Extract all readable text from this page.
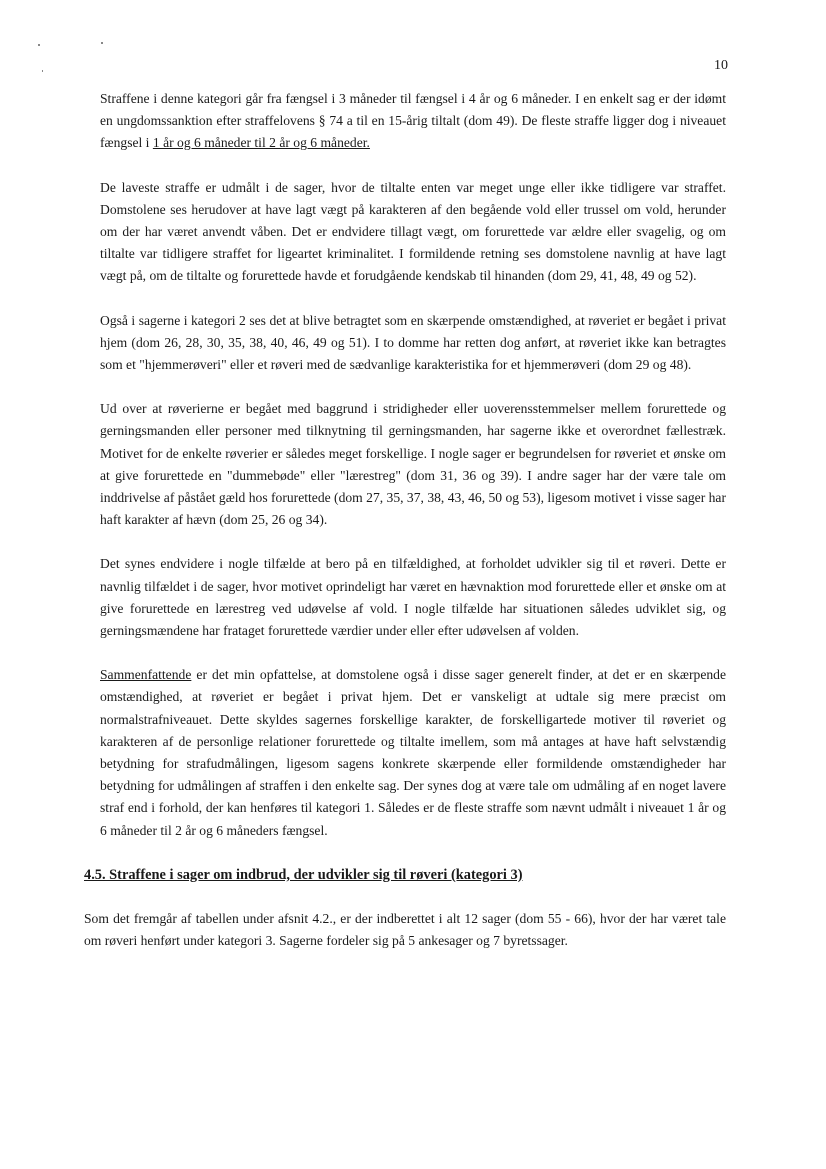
10

Straffene i denne kategori går fra fængsel i 3 måneder til fængsel i 4 år og 6 måneder. I en enkelt sag er der idømt en ungdomssanktion efter straffelovens § 74 a til en 15-årig tiltalt (dom 49). De fleste straffe ligger dog i niveauet fængsel i 1 år og 6 måneder til 2 år og 6 måneder.

De laveste straffe er udmålt i de sager, hvor de tiltalte enten var meget unge eller ikke tidligere var straffet. Domstolene ses herudover at have lagt vægt på karakteren af den begående vold eller trussel om vold, herunder om der har været anvendt våben. Det er endvidere tillagt vægt, om forurettede var ældre eller svagelig, og om tiltalte var tidligere straffet for ligeartet kriminalitet. I formildende retning ses domstolene navnlig at have lagt vægt på, om de tiltalte og forurettede havde et forudgående kendskab til hinanden (dom 29, 41, 48, 49 og 52).

Også i sagerne i kategori 2 ses det at blive betragtet som en skærpende omstændighed, at røveriet er begået i privat hjem (dom 26, 28, 30, 35, 38, 40, 46, 49 og 51). I to domme har retten dog anført, at røveriet ikke kan betragtes som et "hjemmerøveri" eller et røveri med de sædvanlige karakteristika for et hjemmerøveri (dom 29 og 48).

Ud over at røverierne er begået med baggrund i stridigheder eller uoverensstemmelser mellem forurettede og gerningsmanden eller personer med tilknytning til gerningsmanden, har sagerne ikke et overordnet fællestræk. Motivet for de enkelte røverier er således meget forskellige. I nogle sager er begrundelsen for røveriet et ønske om at give forurettede en "dummebøde" eller "lærestreg" (dom 31, 36 og 39). I andre sager har der være tale om inddrivelse af påstået gæld hos forurettede (dom 27, 35, 37, 38, 43, 46, 50 og 53), ligesom motivet i visse sager har haft karakter af hævn (dom 25, 26 og 34).

Det synes endvidere i nogle tilfælde at bero på en tilfældighed, at forholdet udvikler sig til et røveri. Dette er navnlig tilfældet i de sager, hvor motivet oprindeligt har været en hævnaktion mod forurettede eller et ønske om at give forurettede en lærestreg ved udøvelse af vold. I nogle tilfælde har situationen således udviklet sig, og gerningsmændene har frataget forurettede værdier under eller efter udøvelsen af volden.

Sammenfattende er det min opfattelse, at domstolene også i disse sager generelt finder, at det er en skærpende omstændighed, at røveriet er begået i privat hjem. Det er vanskeligt at udtale sig mere præcist om normalstrafniveauet. Dette skyldes sagernes forskellige karakter, de forskelligartede motiver til røveriet og karakteren af de personlige relationer forurettede og tiltalte imellem, som må antages at have haft selvstændig betydning for strafudmålingen, ligesom sagens konkrete skærpende eller formildende omstændigheder har betydning for udmålingen af straffen i den enkelte sag. Der synes dog at være tale om udmåling af en noget lavere straf end i forhold, der kan henføres til kategori 1. Således er de fleste straffe som nævnt udmålt i niveauet 1 år og 6 måneder til 2 år og 6 måneders fængsel.

4.5. Straffene i sager om indbrud, der udvikler sig til røveri (kategori 3)

Som det fremgår af tabellen under afsnit 4.2., er der indberettet i alt 12 sager (dom 55 - 66), hvor der har været tale om røveri henført under kategori 3. Sagerne fordeler sig på 5 ankesager og 7 byretssager.
